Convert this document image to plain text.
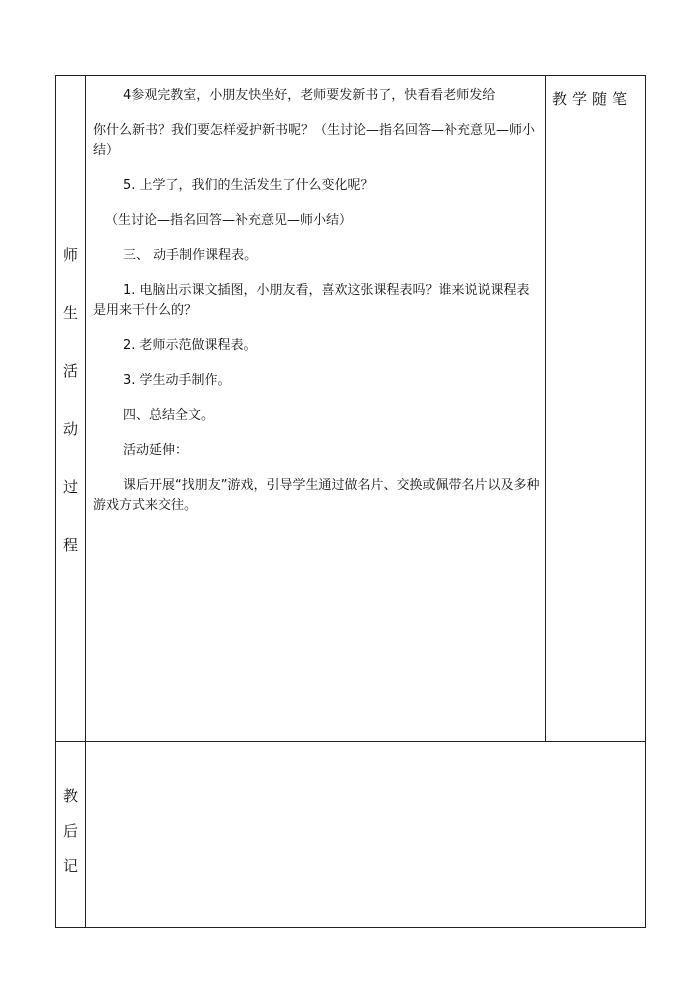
师
生
活
动
过
程
教学随笔

4参观完教室，小朋友快坐好，老师要发新书了，快看看老师发给

你什么新书？我们要怎样爱护新书呢？（生讨论—指名回答—补充意见—师小结）

5. 上学了，我们的生活发生了什么变化呢？

（生讨论—指名回答—补充意见—师小结）

三、 动手制作课程表。

1. 电脑出示课文插图，小朋友看，喜欢这张课程表吗？谁来说说课程表是用来干什么的？

2. 老师示范做课程表。

3. 学生动手制作。

四、总结全文。

活动延伸：

课后开展“找朋友”游戏，引导学生通过做名片、交换或佩带名片以及多种游戏方式来交往。

教
后
记
